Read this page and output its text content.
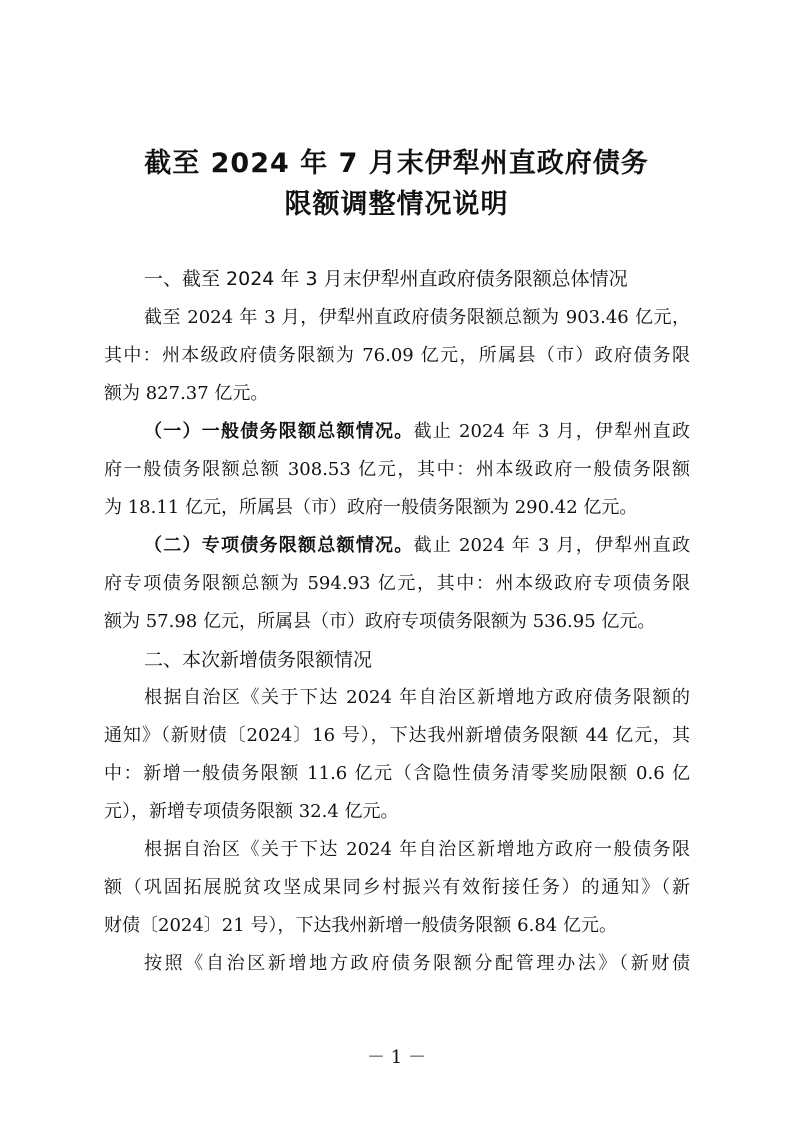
截至 2024 年 7 月末伊犁州直政府债务
限额调整情况说明
一、截至 2024 年 3 月末伊犁州直政府债务限额总体情况
截至 2024 年 3 月，伊犁州直政府债务限额总额为 903.46 亿元，
其中：州本级政府债务限额为 76.09 亿元，所属县（市）政府债务限
额为 827.37 亿元。
（一）一般债务限额总额情况。截止 2024 年 3 月，伊犁州直政
府一般债务限额总额 308.53 亿元，其中：州本级政府一般债务限额
为 18.11 亿元，所属县（市）政府一般债务限额为 290.42 亿元。
（二）专项债务限额总额情况。截止 2024 年 3 月，伊犁州直政
府专项债务限额总额为 594.93 亿元，其中：州本级政府专项债务限
额为 57.98 亿元，所属县（市）政府专项债务限额为 536.95 亿元。
二、本次新增债务限额情况
根据自治区《关于下达 2024 年自治区新增地方政府债务限额的
通知》（新财债〔2024〕16 号），下达我州新增债务限额 44 亿元，其
中：新增一般债务限额 11.6 亿元（含隐性债务清零奖励限额 0.6 亿
元），新增专项债务限额 32.4 亿元。
根据自治区《关于下达 2024 年自治区新增地方政府一般债务限
额（巩固拓展脱贫攻坚成果同乡村振兴有效衔接任务）的通知》（新
财债〔2024〕21 号），下达我州新增一般债务限额 6.84 亿元。
按照《自治区新增地方政府债务限额分配管理办法》（新财债
－ 1 －
